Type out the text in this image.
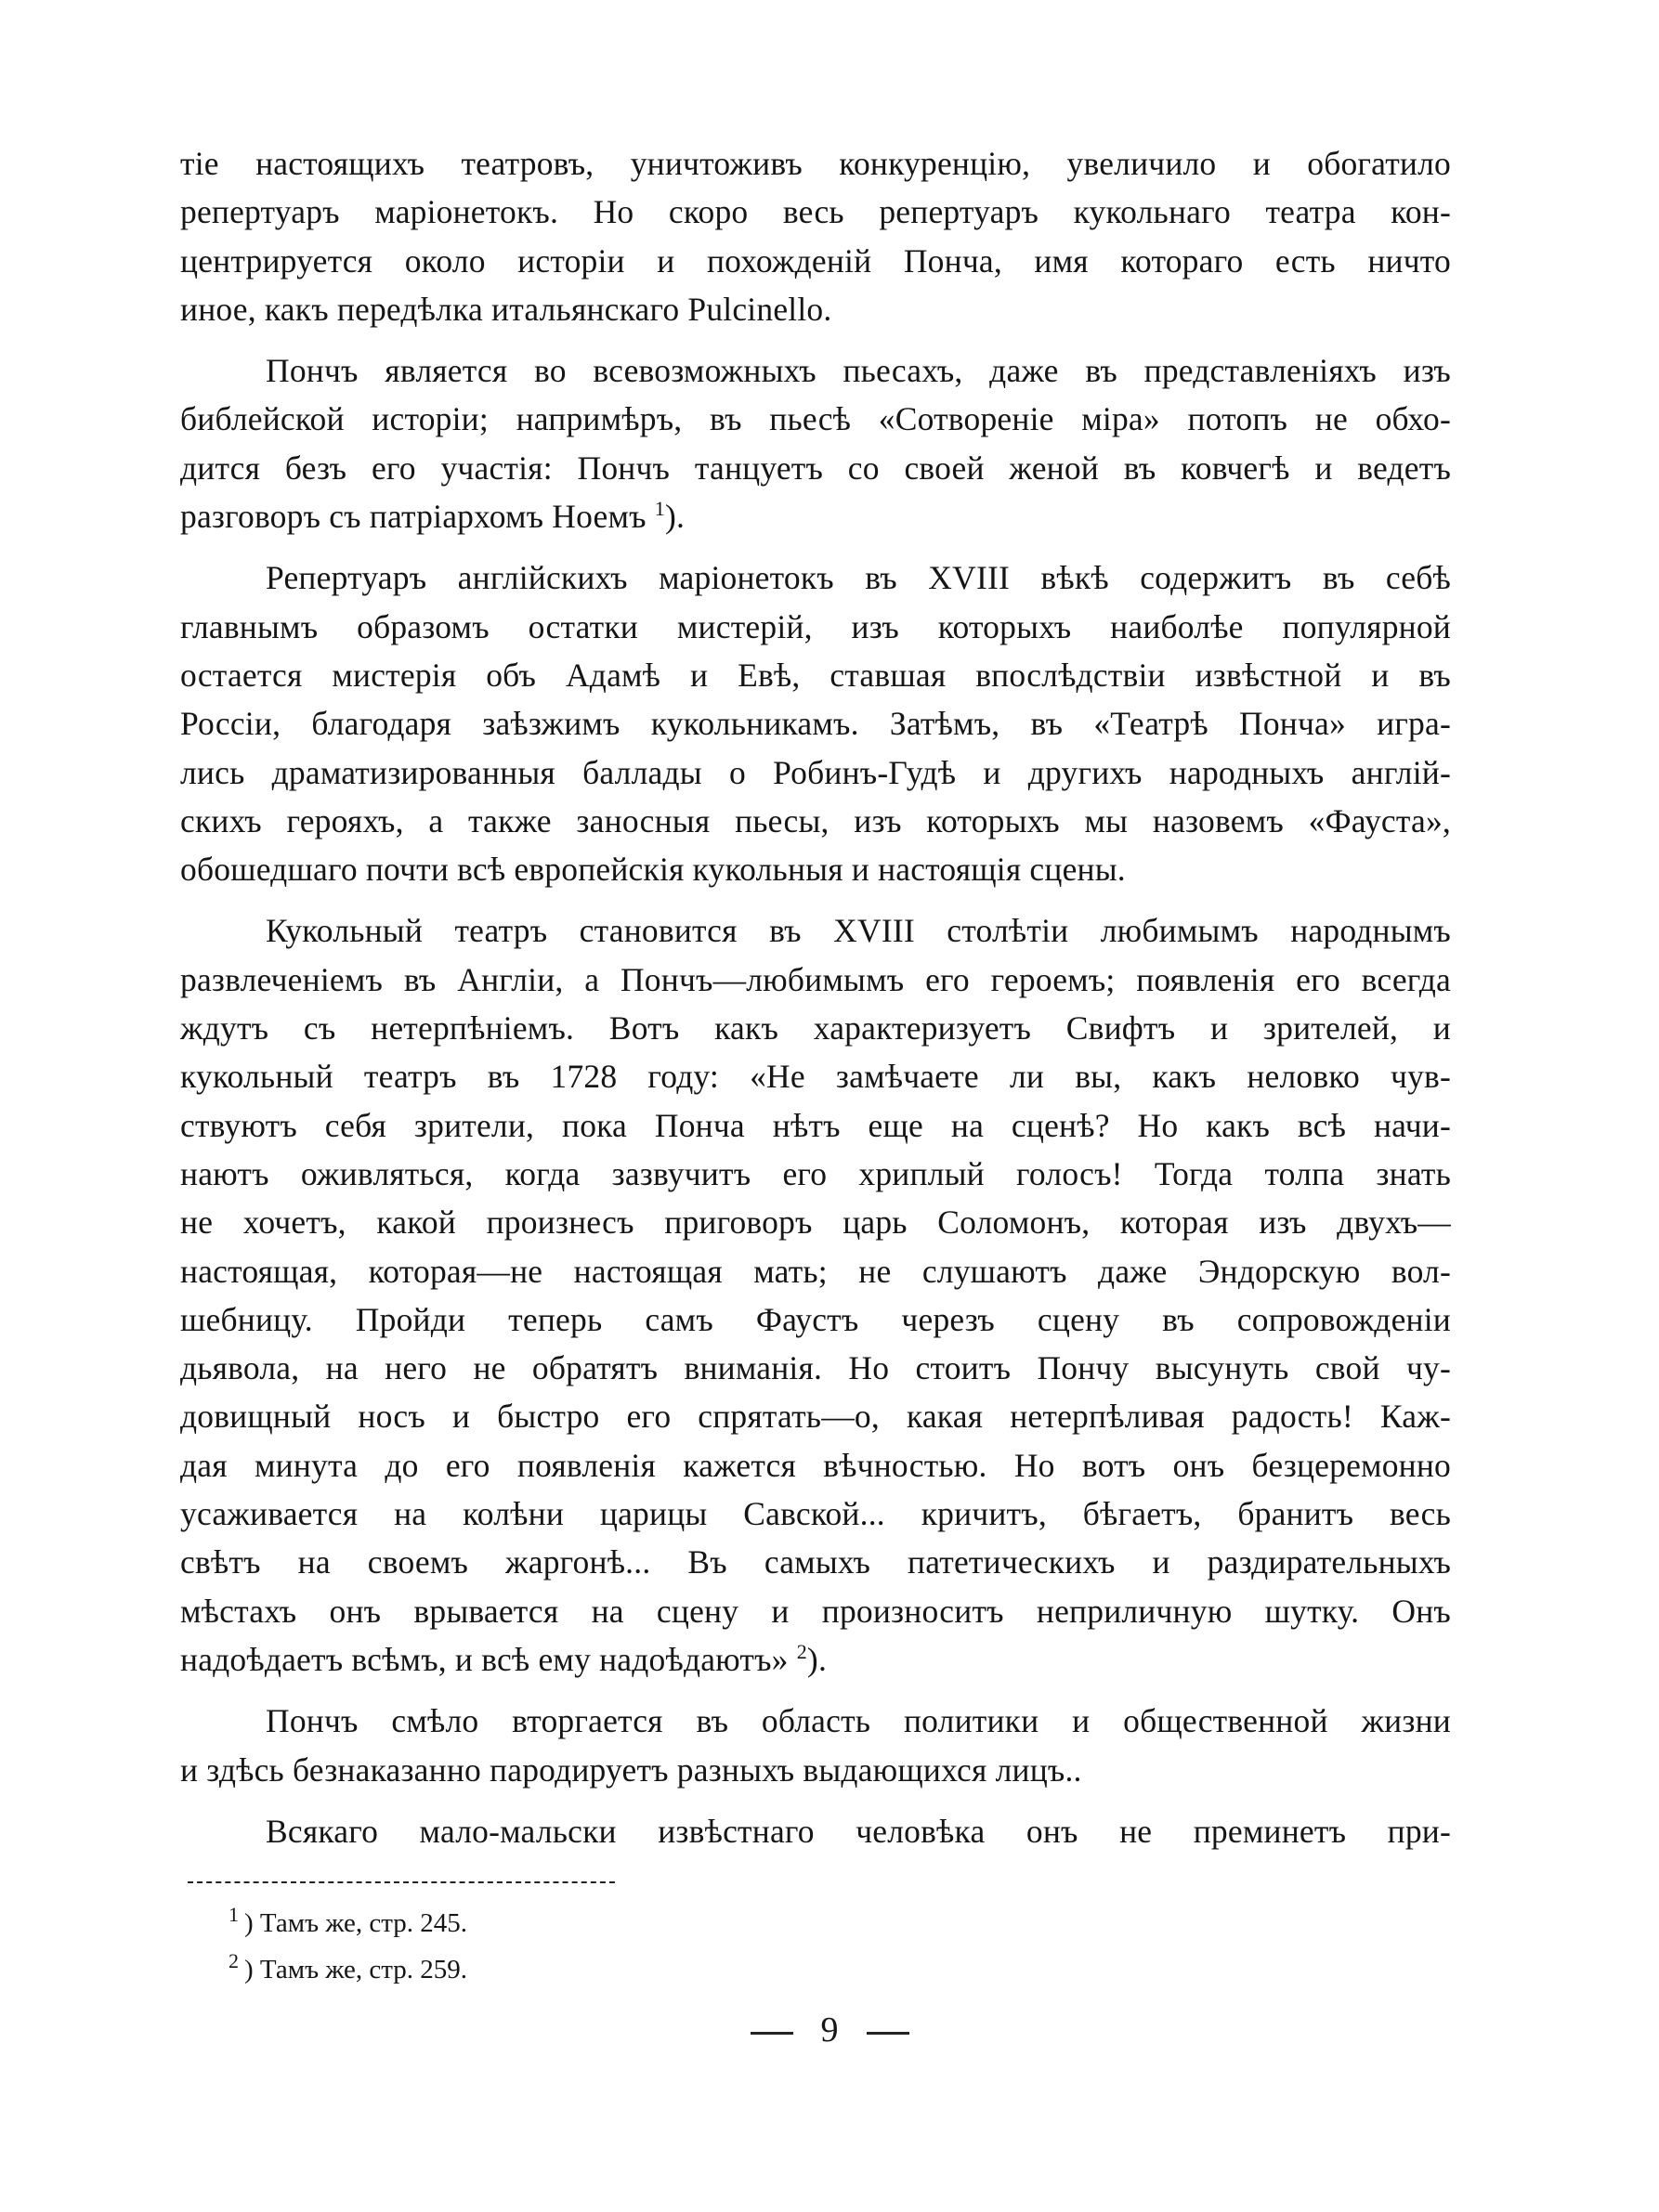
тіе настоящихъ театровъ, уничтоживъ конкуренцію, увеличило и обогатило
репертуаръ маріонетокъ. Но скоро весь репертуаръ кукольнаго театра кон-
центрируется около исторіи и похожденій Понча, имя котораго есть ничто
иное, какъ передѣлка итальянскаго Pulcinello.
Пончъ является во всевозможныхъ пьесахъ, даже въ представленіяхъ изъ
библейской исторіи; напримѣръ, въ пьесѣ «Сотвореніе міра» потопъ не обхо-
дится безъ его участія: Пончъ танцуетъ со своей женой въ ковчегѣ и ведетъ
разговоръ съ патріархомъ Ноемъ $^1$).
Репертуаръ англійскихъ маріонетокъ въ XVIII вѣкѣ содержитъ въ себѣ
главнымъ образомъ остатки мистерій, изъ которыхъ наиболѣе популярной
остается мистерія объ Адамѣ и Евѣ, ставшая впослѣдствіи извѣстной и въ
Россіи, благодаря заѣзжимъ кукольникамъ. Затѣмъ, въ «Театрѣ Понча» игра-
лись драматизированныя баллады о Робинъ-Гудѣ и другихъ народныхъ англій-
скихъ герояхъ, а также заносныя пьесы, изъ которыхъ мы назовемъ «Фауста»,
обошедшаго почти всѣ европейскія кукольныя и настоящія сцены.
Кукольный театръ становится въ XVIII столѣтіи любимымъ народнымъ
развлеченіемъ въ Англіи, а Пончъ—любимымъ его героемъ; появленія его всегда
ждутъ съ нетерпѣніемъ. Вотъ какъ характеризуетъ Свифтъ и зрителей, и
кукольный театръ въ 1728 году: «Не замѣчаете ли вы, какъ неловко чув-
ствуютъ себя зрители, пока Понча нѣтъ еще на сценѣ? Но какъ всѣ начи-
наютъ оживляться, когда зазвучитъ его хриплый голосъ! Тогда толпа знать
не хочетъ, какой произнесъ приговоръ царь Соломонъ, которая изъ двухъ—
настоящая, которая—не настоящая мать; не слушаютъ даже Эндорскую вол-
шебницу. Пройди теперь самъ Фаустъ черезъ сцену въ сопровожденіи
дьявола, на него не обратятъ вниманія. Но стоитъ Пончу высунуть свой чу-
довищный носъ и быстро его спрятать—о, какая нетерпѣливая радость! Каж-
дая минута до его появленія кажется вѣчностью. Но вотъ онъ безцеремонно
усаживается на колѣни царицы Савской... кричитъ, бѣгаетъ, бранитъ весь
свѣтъ на своемъ жаргонѣ... Въ самыхъ патетическихъ и раздирательныхъ
мѣстахъ онъ врывается на сцену и произноситъ неприличную шутку. Онъ
надоѣдаетъ всѣмъ, и всѣ ему надоѣдаютъ» $^2$).
Пончъ смѣло вторгается въ область политики и общественной жизни
и здѣсь безнаказанно пародируетъ разныхъ выдающихся лицъ..
Всякаго мало-мальски извѣстнаго человѣка онъ не преминетъ при-
$^1$ ) Тамъ же, стр. 245.
$^2$ ) Тамъ же, стр. 259.
9
